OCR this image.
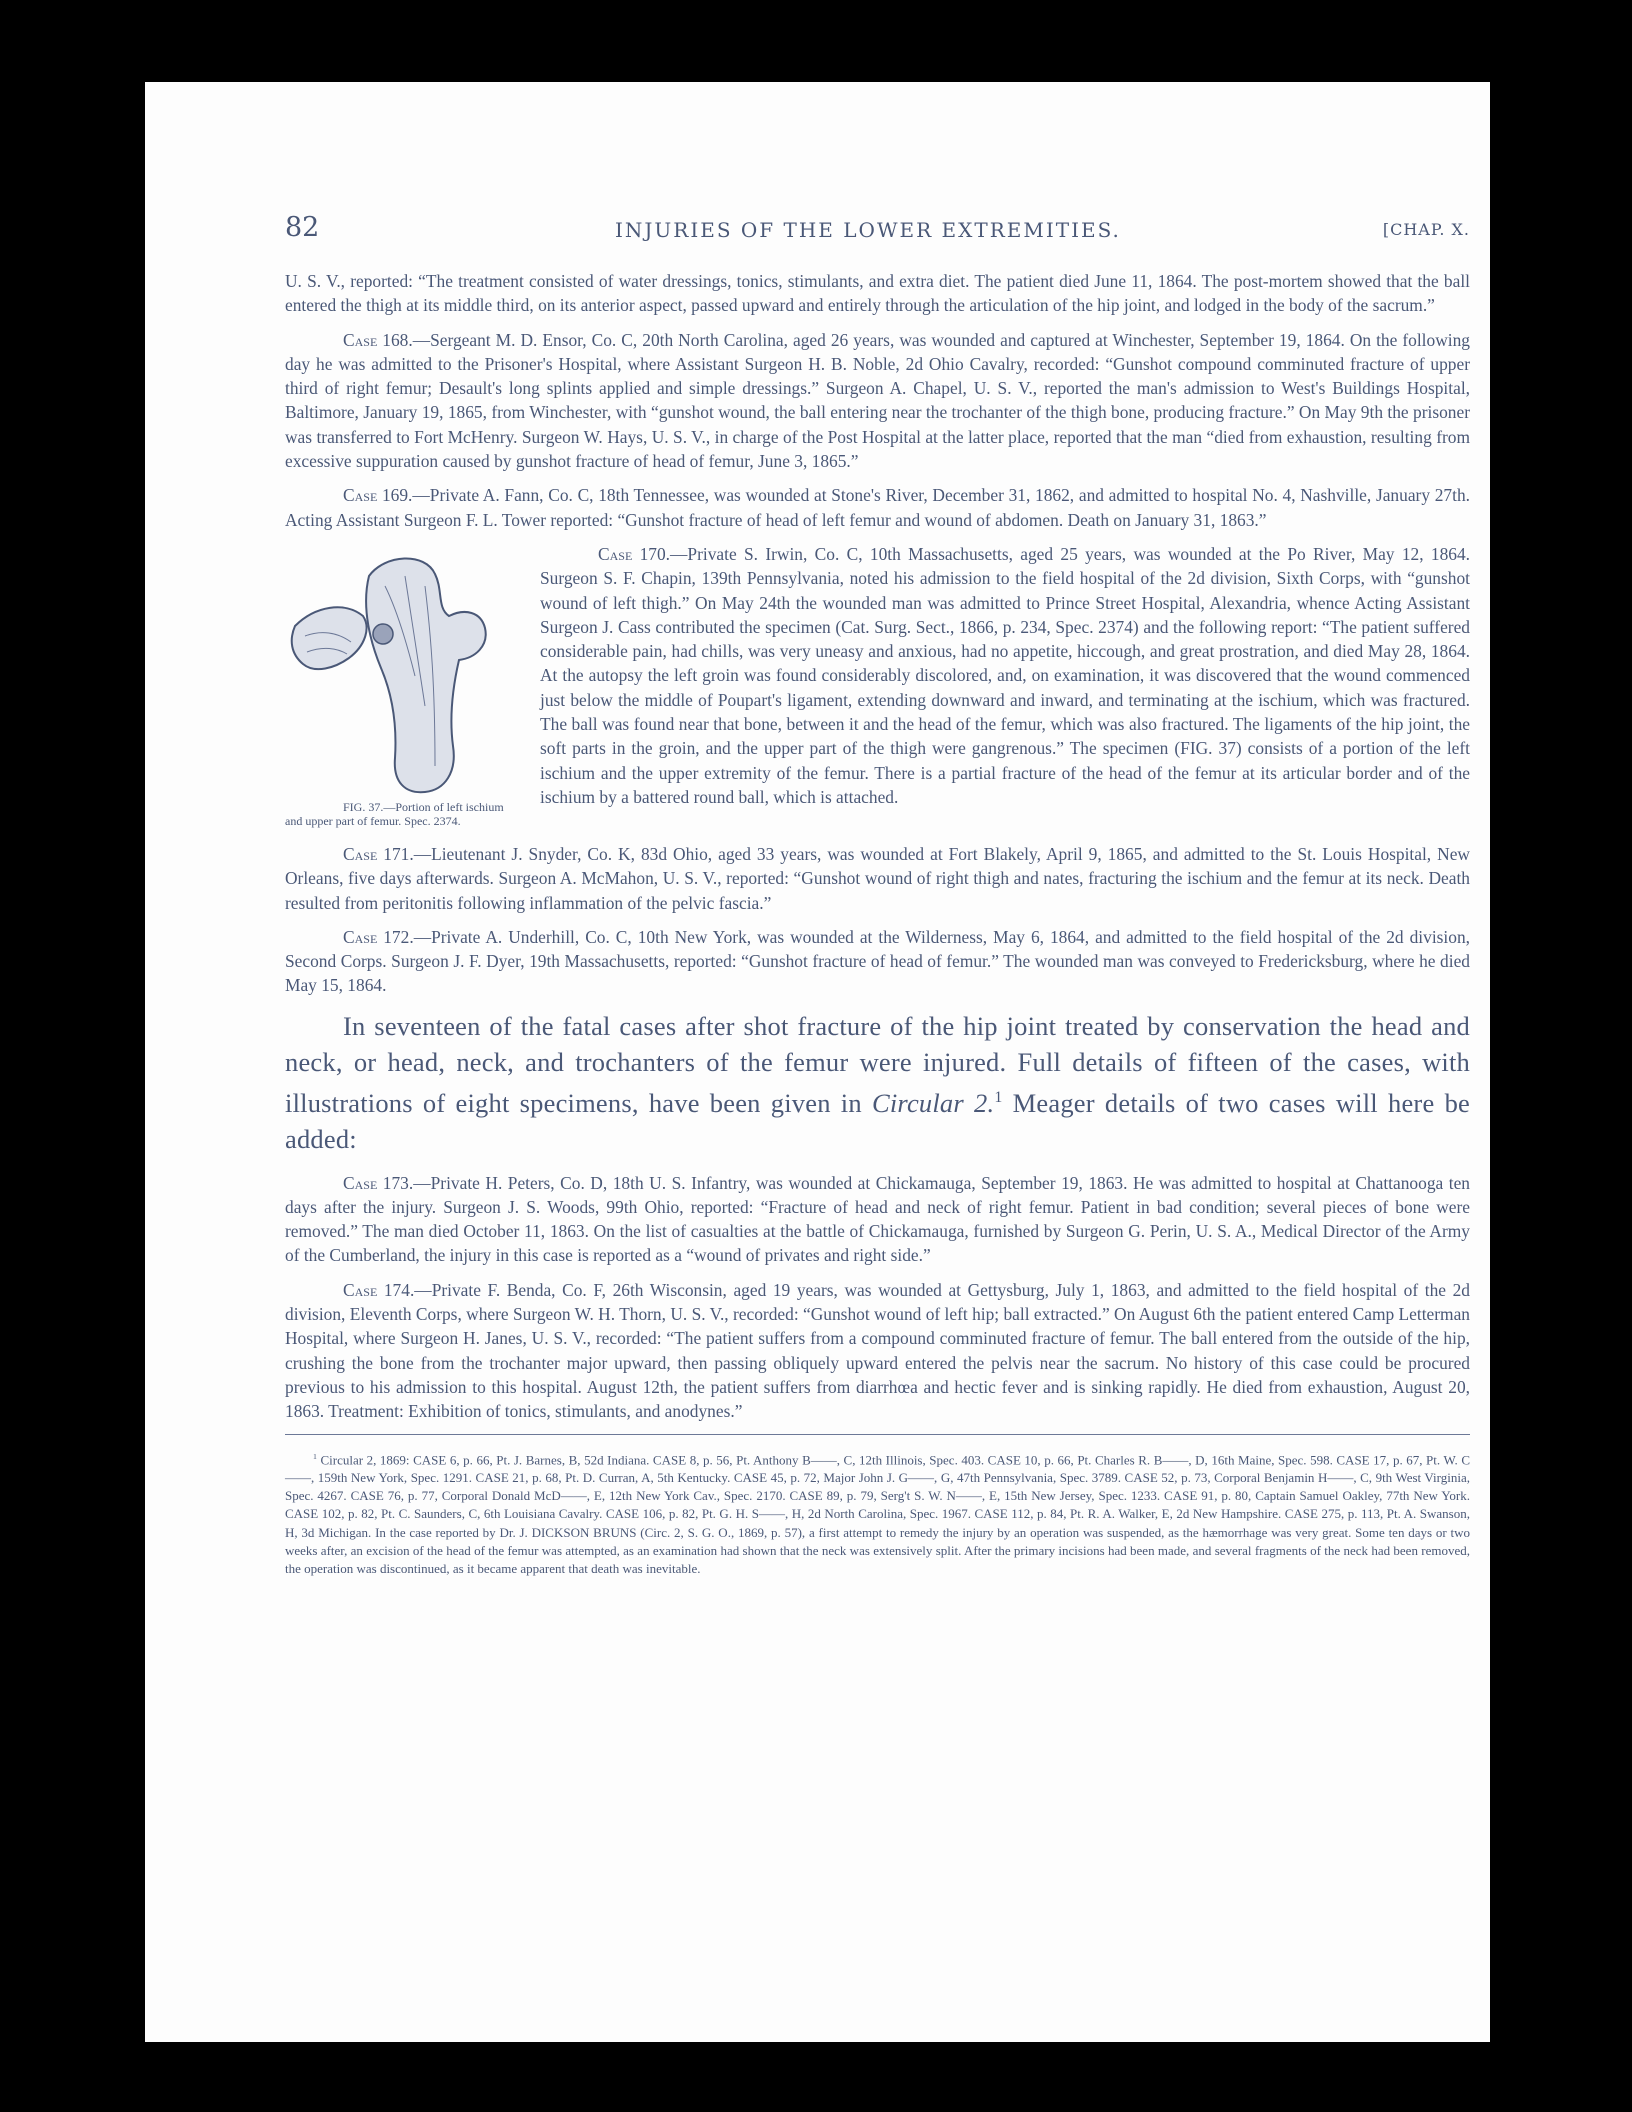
82	INJURIES OF THE LOWER EXTREMITIES.	[CHAP. X.

U. S. V., reported: “The treatment consisted of water dressings, tonics, stimulants, and extra diet. The patient died June 11, 1864. The post-mortem showed that the ball entered the thigh at its middle third, on its anterior aspect, passed upward and entirely through the articulation of the hip joint, and lodged in the body of the sacrum.”

Case 168.—Sergeant M. D. Ensor, Co. C, 20th North Carolina, aged 26 years, was wounded and captured at Winchester, September 19, 1864. On the following day he was admitted to the Prisoner's Hospital, where Assistant Surgeon H. B. Noble, 2d Ohio Cavalry, recorded: “Gunshot compound comminuted fracture of upper third of right femur; Desault's long splints applied and simple dressings.” Surgeon A. Chapel, U. S. V., reported the man's admission to West's Buildings Hospital, Baltimore, January 19, 1865, from Winchester, with “gunshot wound, the ball entering near the trochanter of the thigh bone, producing fracture.” On May 9th the prisoner was transferred to Fort McHenry. Surgeon W. Hays, U. S. V., in charge of the Post Hospital at the latter place, reported that the man “died from exhaustion, resulting from excessive suppuration caused by gunshot fracture of head of femur, June 3, 1865.”

Case 169.—Private A. Fann, Co. C, 18th Tennessee, was wounded at Stone's River, December 31, 1862, and admitted to hospital No. 4, Nashville, January 27th. Acting Assistant Surgeon F. L. Tower reported: “Gunshot fracture of head of left femur and wound of abdomen. Death on January 31, 1863.”

FIG. 37.—Portion of left ischium and upper part of femur. Spec. 2374.
Case 170.—Private S. Irwin, Co. C, 10th Massachusetts, aged 25 years, was wounded at the Po River, May 12, 1864. Surgeon S. F. Chapin, 139th Pennsylvania, noted his admission to the field hospital of the 2d division, Sixth Corps, with “gunshot wound of left thigh.” On May 24th the wounded man was admitted to Prince Street Hospital, Alexandria, whence Acting Assistant Surgeon J. Cass contributed the specimen (Cat. Surg. Sect., 1866, p. 234, Spec. 2374) and the following report: “The patient suffered considerable pain, had chills, was very uneasy and anxious, had no appetite, hiccough, and great prostration, and died May 28, 1864. At the autopsy the left groin was found considerably discolored, and, on examination, it was discovered that the wound commenced just below the middle of Poupart's ligament, extending downward and inward, and terminating at the ischium, which was fractured. The ball was found near that bone, between it and the head of the femur, which was also fractured. The ligaments of the hip joint, the soft parts in the groin, and the upper part of the thigh were gangrenous.” The specimen (FIG. 37) consists of a portion of the left ischium and the upper extremity of the femur. There is a partial fracture of the head of the femur at its articular border and of the ischium by a battered round ball, which is attached.

Case 171.—Lieutenant J. Snyder, Co. K, 83d Ohio, aged 33 years, was wounded at Fort Blakely, April 9, 1865, and admitted to the St. Louis Hospital, New Orleans, five days afterwards. Surgeon A. McMahon, U. S. V., reported: “Gunshot wound of right thigh and nates, fracturing the ischium and the femur at its neck. Death resulted from peritonitis following inflammation of the pelvic fascia.”

Case 172.—Private A. Underhill, Co. C, 10th New York, was wounded at the Wilderness, May 6, 1864, and admitted to the field hospital of the 2d division, Second Corps. Surgeon J. F. Dyer, 19th Massachusetts, reported: “Gunshot fracture of head of femur.” The wounded man was conveyed to Fredericksburg, where he died May 15, 1864.

In seventeen of the fatal cases after shot fracture of the hip joint treated by conservation the head and neck, or head, neck, and trochanters of the femur were injured. Full details of fifteen of the cases, with illustrations of eight specimens, have been given in Circular 2.$^1$ Meager details of two cases will here be added:

Case 173.—Private H. Peters, Co. D, 18th U. S. Infantry, was wounded at Chickamauga, September 19, 1863. He was admitted to hospital at Chattanooga ten days after the injury. Surgeon J. S. Woods, 99th Ohio, reported: “Fracture of head and neck of right femur. Patient in bad condition; several pieces of bone were removed.” The man died October 11, 1863. On the list of casualties at the battle of Chickamauga, furnished by Surgeon G. Perin, U. S. A., Medical Director of the Army of the Cumberland, the injury in this case is reported as a “wound of privates and right side.”

Case 174.—Private F. Benda, Co. F, 26th Wisconsin, aged 19 years, was wounded at Gettysburg, July 1, 1863, and admitted to the field hospital of the 2d division, Eleventh Corps, where Surgeon W. H. Thorn, U. S. V., recorded: “Gunshot wound of left hip; ball extracted.” On August 6th the patient entered Camp Letterman Hospital, where Surgeon H. Janes, U. S. V., recorded: “The patient suffers from a compound comminuted fracture of femur. The ball entered from the outside of the hip, crushing the bone from the trochanter major upward, then passing obliquely upward entered the pelvis near the sacrum. No history of this case could be procured previous to his admission to this hospital. August 12th, the patient suffers from diarrhœa and hectic fever and is sinking rapidly. He died from exhaustion, August 20, 1863. Treatment: Exhibition of tonics, stimulants, and anodynes.”

$^1$ Circular 2, 1869: CASE 6, p. 66, Pt. J. Barnes, B, 52d Indiana. CASE 8, p. 56, Pt. Anthony B——, C, 12th Illinois, Spec. 403. CASE 10, p. 66, Pt. Charles R. B——, D, 16th Maine, Spec. 598. CASE 17, p. 67, Pt. W. C——, 159th New York, Spec. 1291. CASE 21, p. 68, Pt. D. Curran, A, 5th Kentucky. CASE 45, p. 72, Major John J. G——, G, 47th Pennsylvania, Spec. 3789. CASE 52, p. 73, Corporal Benjamin H——, C, 9th West Virginia, Spec. 4267. CASE 76, p. 77, Corporal Donald McD——, E, 12th New York Cav., Spec. 2170. CASE 89, p. 79, Serg't S. W. N——, E, 15th New Jersey, Spec. 1233. CASE 91, p. 80, Captain Samuel Oakley, 77th New York. CASE 102, p. 82, Pt. C. Saunders, C, 6th Louisiana Cavalry. CASE 106, p. 82, Pt. G. H. S——, H, 2d North Carolina, Spec. 1967. CASE 112, p. 84, Pt. R. A. Walker, E, 2d New Hampshire. CASE 275, p. 113, Pt. A. Swanson, H, 3d Michigan. In the case reported by Dr. J. DICKSON BRUNS (Circ. 2, S. G. O., 1869, p. 57), a first attempt to remedy the injury by an operation was suspended, as the hæmorrhage was very great. Some ten days or two weeks after, an excision of the head of the femur was attempted, as an examination had shown that the neck was extensively split. After the primary incisions had been made, and several fragments of the neck had been removed, the operation was discontinued, as it became apparent that death was inevitable.
